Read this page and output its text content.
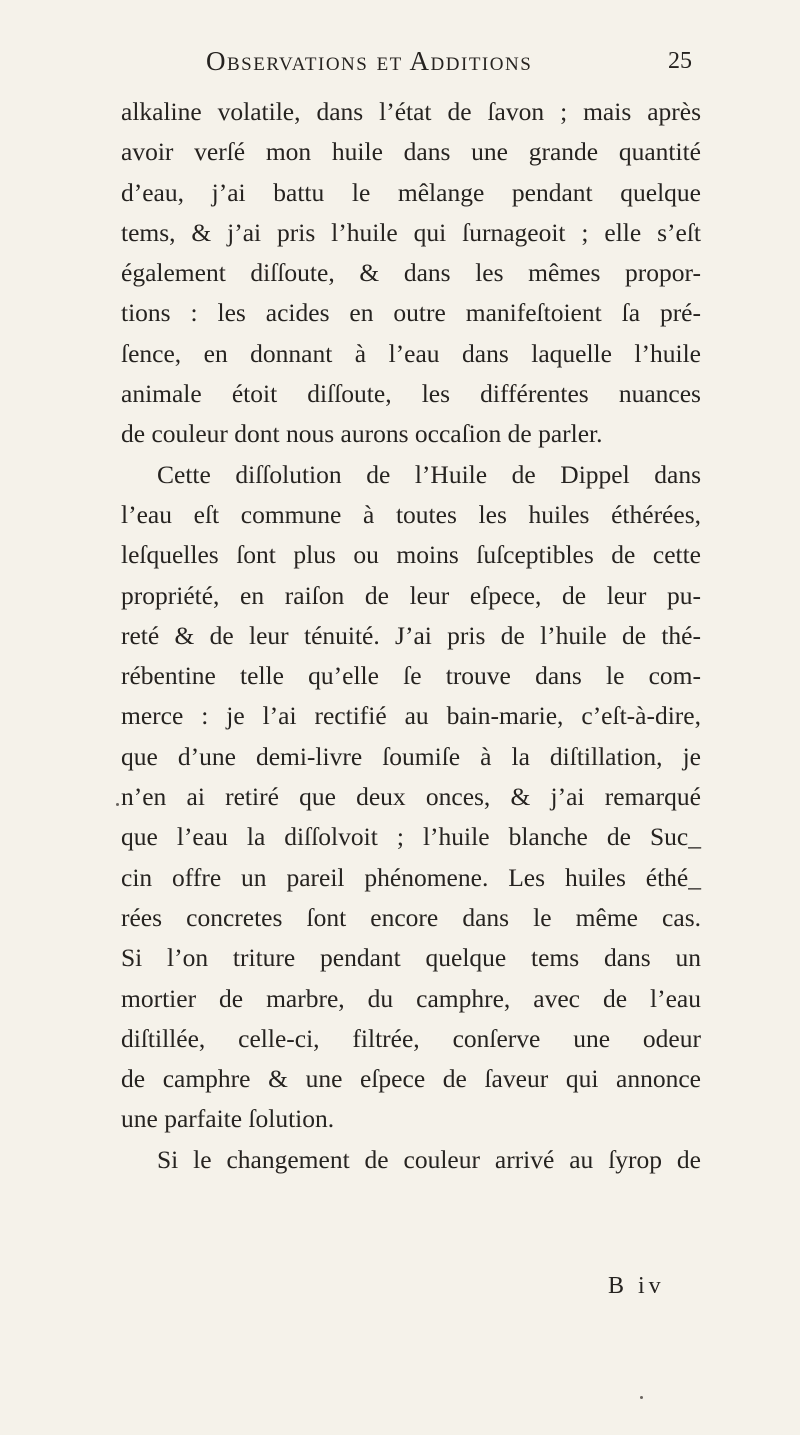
Observations et Additions	25
alkaline volatile, dans l’état de ſavon ; mais après
avoir verſé mon huile dans une grande quantité
d’eau, j’ai battu le mêlange pendant quelque
tems, & j’ai pris l’huile qui ſurnageoit ; elle s’eſt
également diſſoute, & dans les mêmes propor-
tions : les acides en outre manifeſtoient ſa pré-
ſence, en donnant à l’eau dans laquelle l’huile
animale étoit diſſoute, les différentes nuances
de couleur dont nous aurons occaſion de parler.
Cette diſſolution de l’Huile de Dippel dans
l’eau eſt commune à toutes les huiles éthérées,
leſquelles ſont plus ou moins ſuſceptibles de cette
propriété, en raiſon de leur eſpece, de leur pu-
reté & de leur ténuité. J’ai pris de l’huile de thé-
rébentine telle qu’elle ſe trouve dans le com-
merce : je l’ai rectifié au bain-marie, c’eſt-à-dire,
que d’une demi-livre ſoumiſe à la diſtillation, je
n’en ai retiré que deux onces, & j’ai remarqué
que l’eau la diſſolvoit ; l’huile blanche de Suc_
cin offre un pareil phénomene. Les huiles éthé_
rées concretes ſont encore dans le même cas.
Si l’on triture pendant quelque tems dans un
mortier de marbre, du camphre, avec de l’eau
diſtillée, celle-ci, filtrée, conſerve une odeur
de camphre & une eſpece de ſaveur qui annonce
une parfaite ſolution.
Si le changement de couleur arrivé au ſyrop de
B iv
